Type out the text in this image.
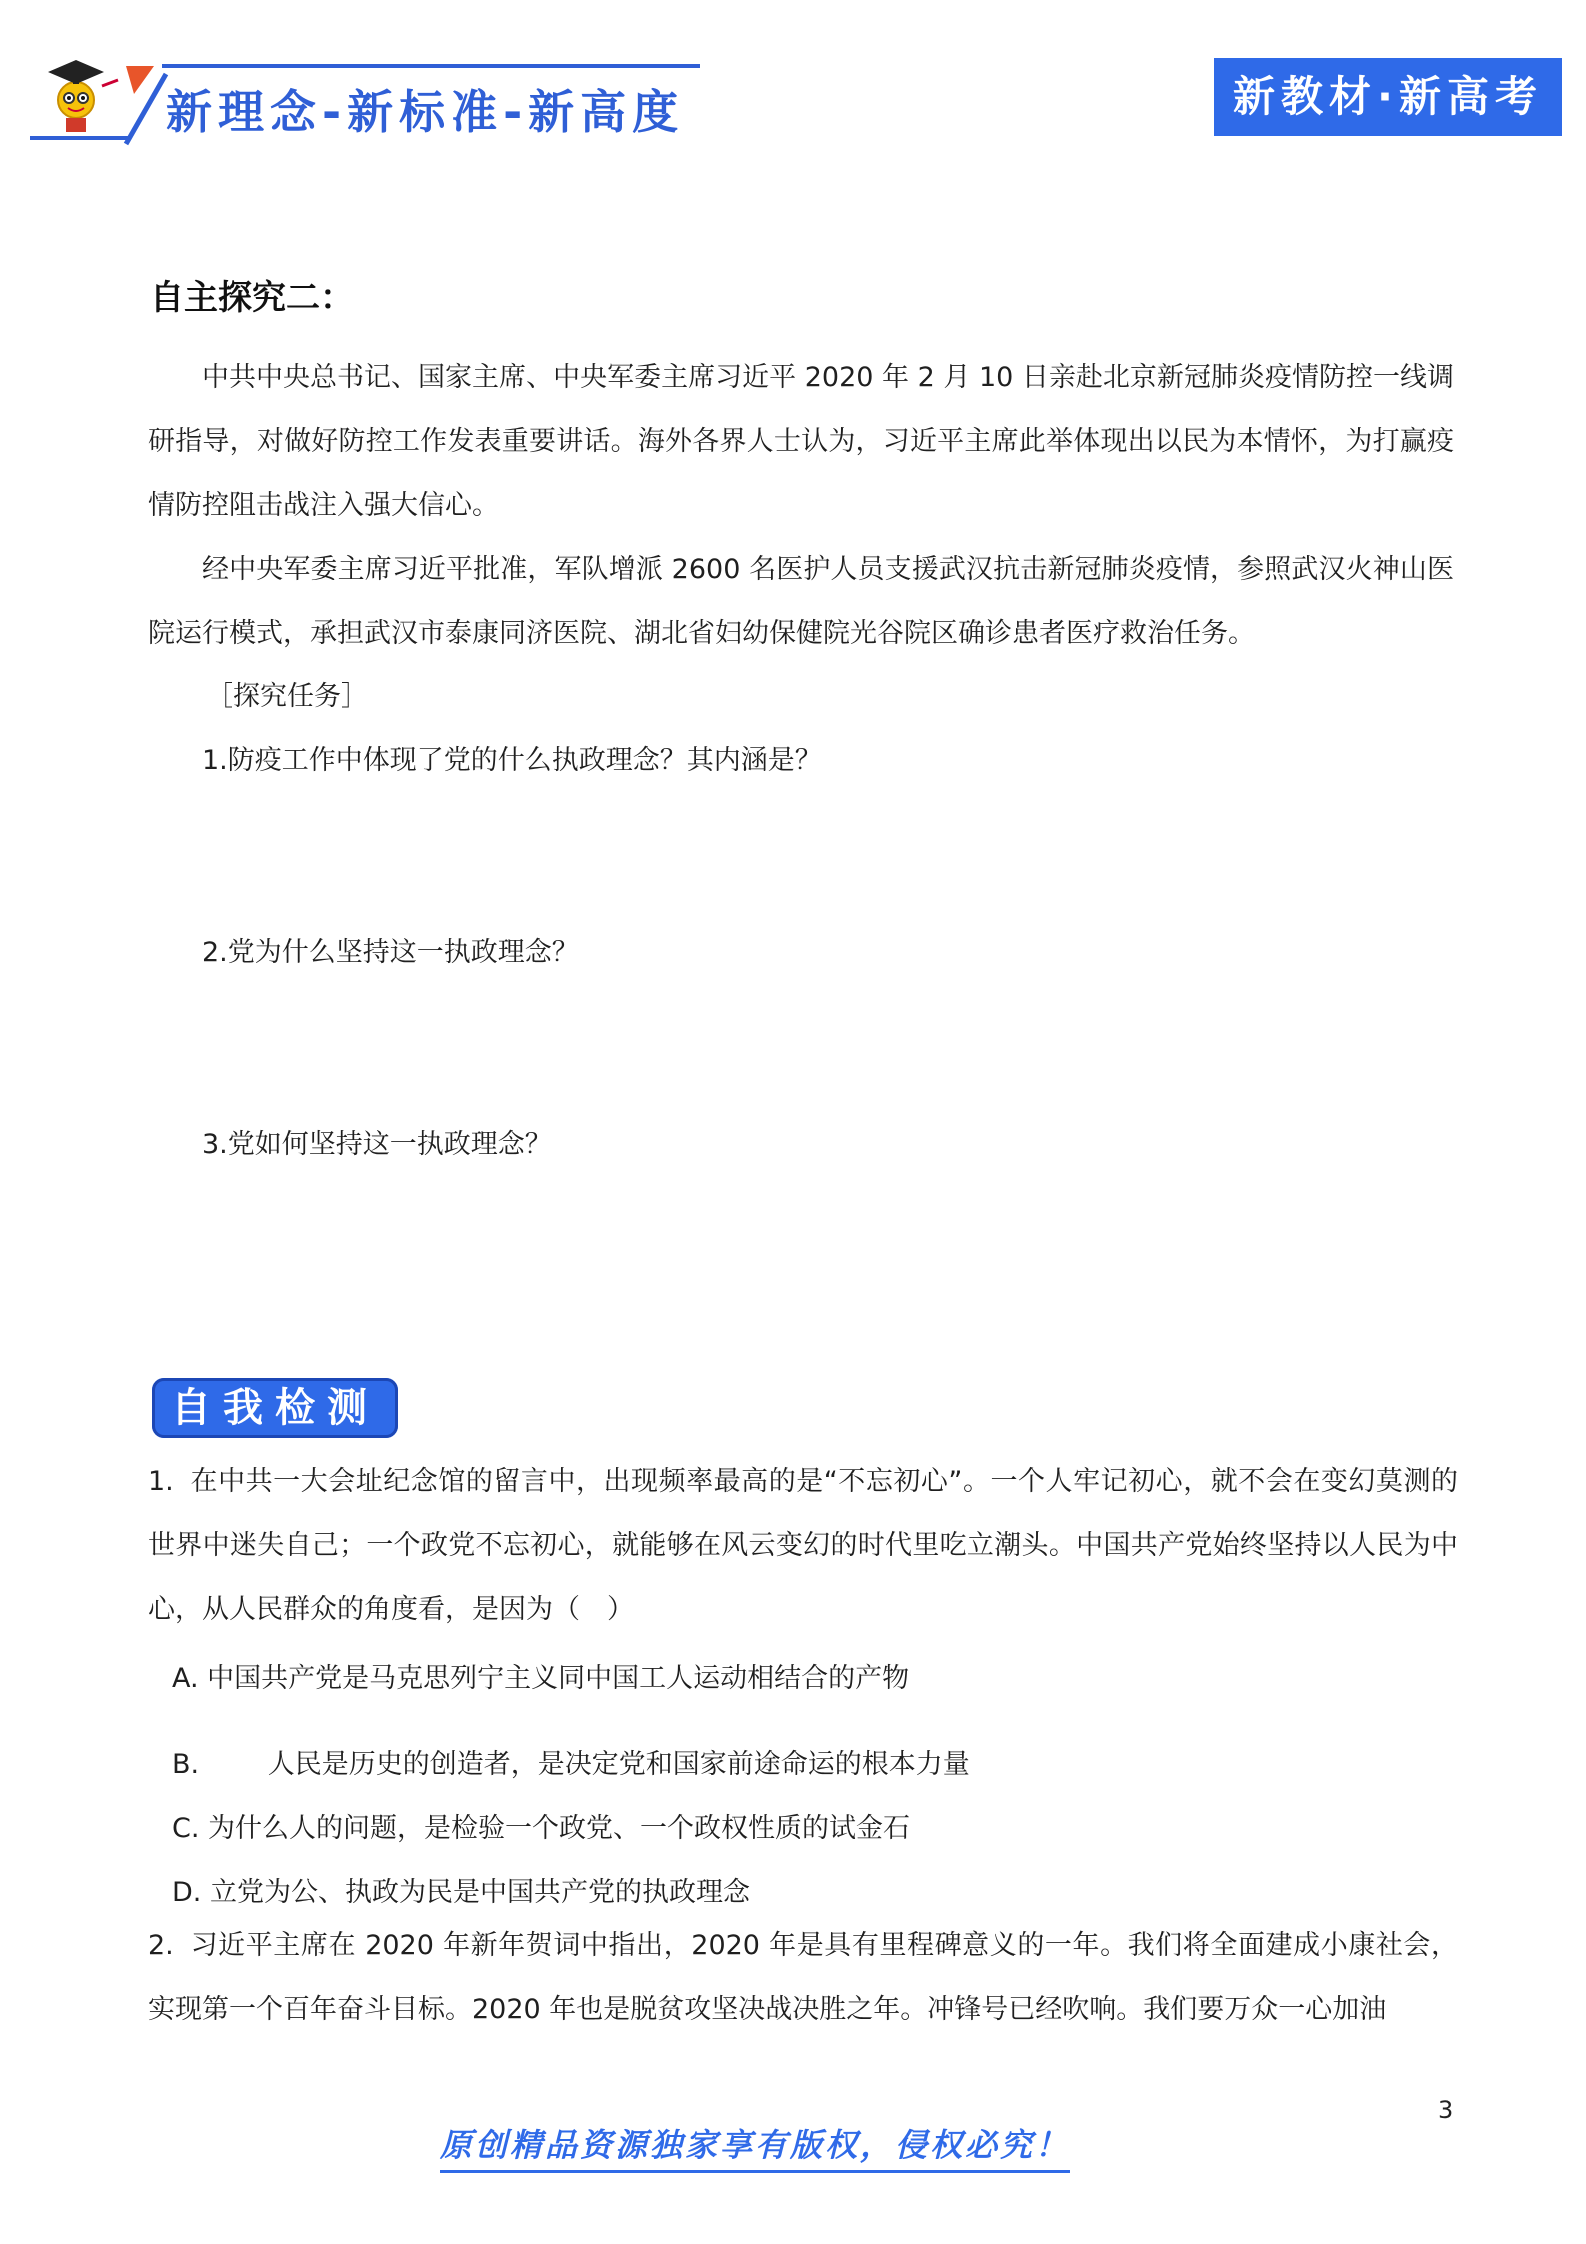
新理念-新标准-新高度	新教材·新高考
自主探究二：
中共中央总书记、国家主席、中央军委主席习近平 2020 年 2 月 10 日亲赴北京新冠肺炎疫情防控一线调研指导，对做好防控工作发表重要讲话。海外各界人士认为，习近平主席此举体现出以民为本情怀，为打赢疫情防控阻击战注入强大信心。
经中央军委主席习近平批准，军队增派 2600 名医护人员支援武汉抗击新冠肺炎疫情，参照武汉火神山医院运行模式，承担武汉市泰康同济医院、湖北省妇幼保健院光谷院区确诊患者医疗救治任务。
［探究任务］
1.防疫工作中体现了党的什么执政理念？其内涵是？
2.党为什么坚持这一执政理念？
3.党如何坚持这一执政理念？
自我检测
1. 在中共一大会址纪念馆的留言中，出现频率最高的是“不忘初心”。一个人牢记初心，就不会在变幻莫测的世界中迷失自己；一个政党不忘初心，就能够在风云变幻的时代里吃立潮头。中国共产党始终坚持以人民为中心，从人民群众的角度看，是因为（　）
A. 中国共产党是马克思列宁主义同中国工人运动相结合的产物
B.        人民是历史的创造者，是决定党和国家前途命运的根本力量
C. 为什么人的问题，是检验一个政党、一个政权性质的试金石
D. 立党为公、执政为民是中国共产党的执政理念
2. 习近平主席在 2020 年新年贺词中指出，2020 年是具有里程碑意义的一年。我们将全面建成小康社会，实现第一个百年奋斗目标。2020 年也是脱贫攻坚决战决胜之年。冲锋号已经吹响。我们要万众一心加油
3
原创精品资源独家享有版权，侵权必究！
